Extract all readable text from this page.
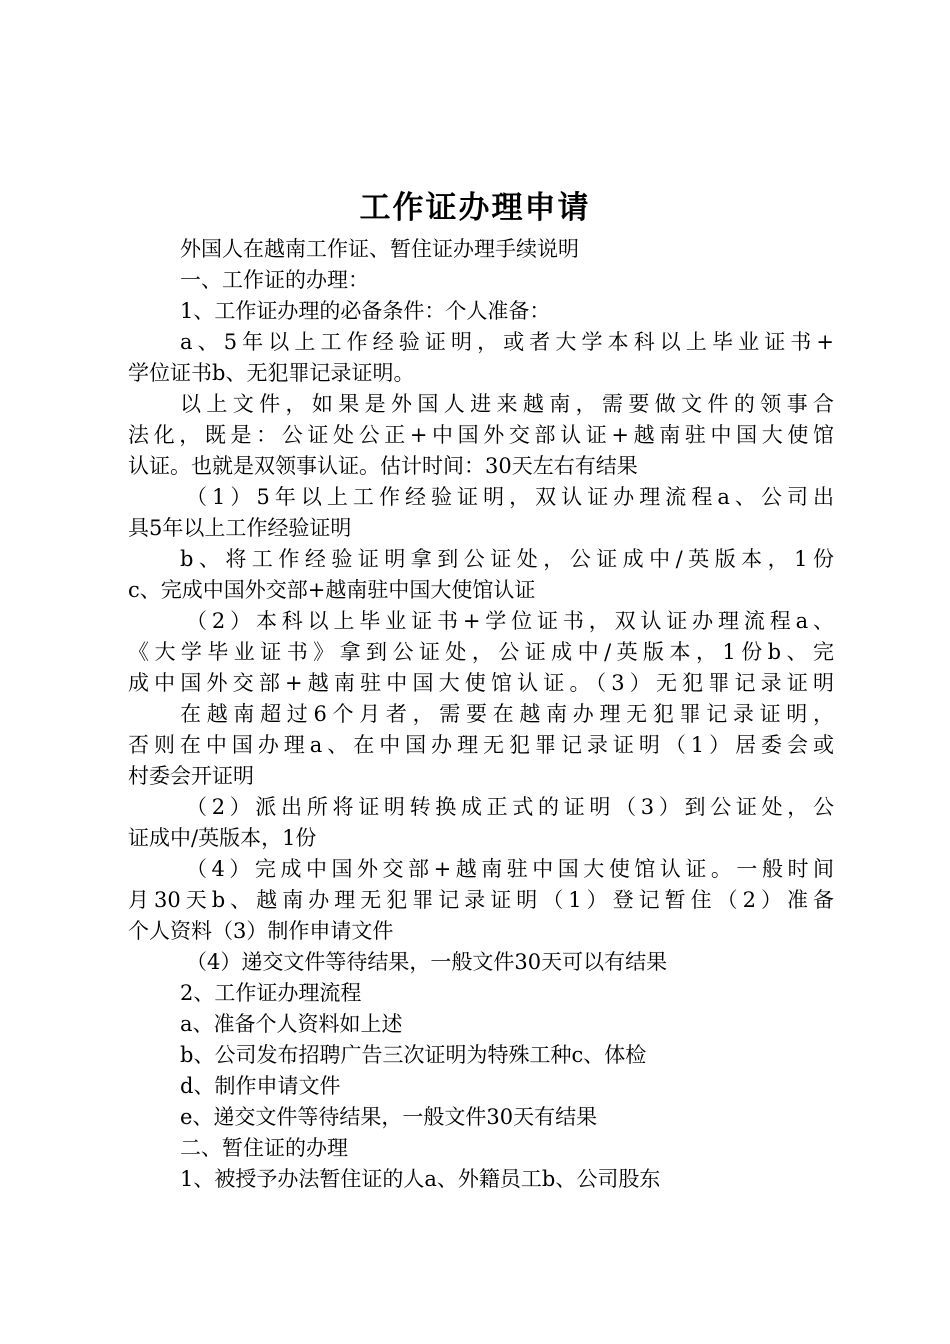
工作证办理申请
外国人在越南工作证、暂住证办理手续说明
一、工作证的办理：
1、工作证办理的必备条件：个人准备：
a、5年以上工作经验证明，或者大学本科以上毕业证书+
学位证书b、无犯罪记录证明。
以上文件，如果是外国人进来越南，需要做文件的领事合
法化，既是：公证处公正+中国外交部认证+越南驻中国大使馆
认证。也就是双领事认证。估计时间：30天左右有结果
（1）5年以上工作经验证明，双认证办理流程a、公司出
具5年以上工作经验证明
b、将工作经验证明拿到公证处，公证成中/英版本，1份
c、完成中国外交部+越南驻中国大使馆认证
（2）本科以上毕业证书+学位证书，双认证办理流程a、
《大学毕业证书》拿到公证处，公证成中/英版本，1份b、完
成中国外交部+越南驻中国大使馆认证。（3）无犯罪记录证明
在越南超过6个月者，需要在越南办理无犯罪记录证明，
否则在中国办理a、在中国办理无犯罪记录证明（1）居委会或
村委会开证明
（2）派出所将证明转换成正式的证明（3）到公证处，公
证成中/英版本，1份
（4）完成中国外交部+越南驻中国大使馆认证。一般时间
月30天b、越南办理无犯罪记录证明（1）登记暂住（2）准备
个人资料（3）制作申请文件
（4）递交文件等待结果，一般文件30天可以有结果
2、工作证办理流程
a、准备个人资料如上述
b、公司发布招聘广告三次证明为特殊工种c、体检
d、制作申请文件
e、递交文件等待结果，一般文件30天有结果
二、暂住证的办理
1、被授予办法暂住证的人a、外籍员工b、公司股东
